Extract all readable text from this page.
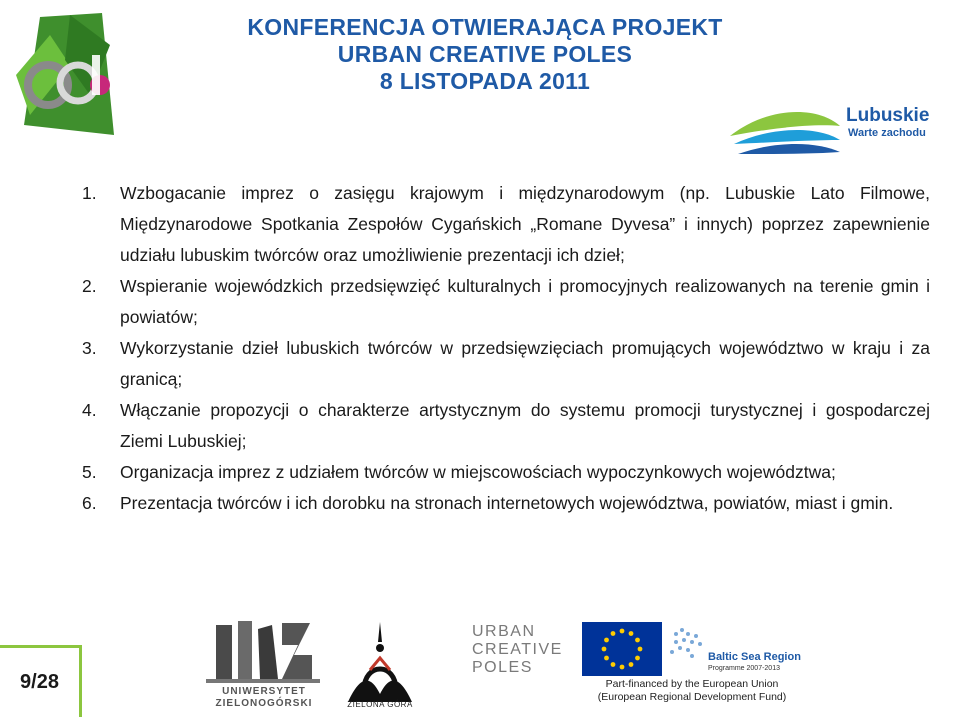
ZIELONA GÓRA
KONFERENCJA OTWIERAJĄCA PROJEKT
URBAN CREATIVE POLES
8 LISTOPADA 2011
Lubuskie
Warte zachodu
1. Wzbogacanie imprez o zasięgu krajowym i międzynarodowym (np. Lubuskie Lato Filmowe, Międzynarodowe Spotkania Zespołów Cygańskich „Romane Dyvesa” i innych) poprzez zapewnienie udziału lubuskim twórców oraz umożliwienie prezentacji ich dzieł;
2. Wspieranie wojewódzkich przedsięwzięć kulturalnych i promocyjnych realizowanych na terenie gmin i powiatów;
3. Wykorzystanie dzieł lubuskich twórców w przedsięwzięciach promujących województwo w kraju i za granicą;
4. Włączanie propozycji o charakterze artystycznym do systemu promocji turystycznej i gospodarczej Ziemi Lubuskiej;
5. Organizacja imprez z udziałem twórców w miejscowościach wypoczynkowych województwa;
6. Prezentacja twórców i ich dorobku na stronach internetowych województwa, powiatów, miast i gmin.
9/28	UNIWERSYTET
ZIELONOGÓRSKI	ZIELONA GÓRA
URBAN
CREATIVE
POLES
Baltic Sea Region
Programme 2007-2013
Part-financed by the European Union
(European Regional Development Fund)
